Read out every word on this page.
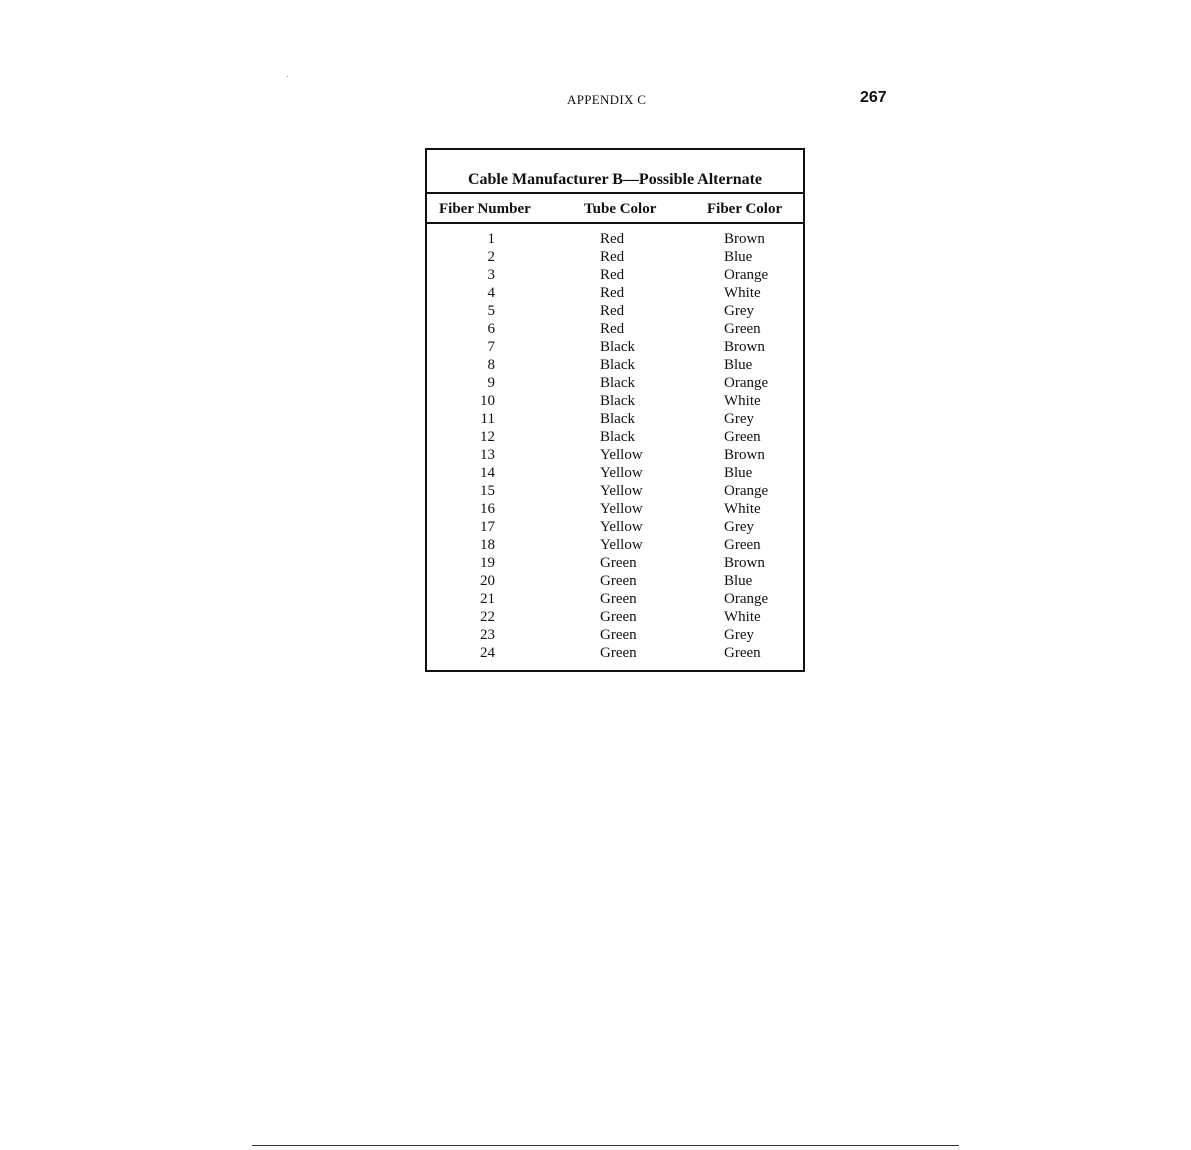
APPENDIX C	267
Cable Manufacturer B—Possible Alternate
Fiber Number	Tube Color	Fiber Color
1	Red	Brown
2	Red	Blue
3	Red	Orange
4	Red	White
5	Red	Grey
6	Red	Green
7	Black	Brown
8	Black	Blue
9	Black	Orange
10	Black	White
11	Black	Grey
12	Black	Green
13	Yellow	Brown
14	Yellow	Blue
15	Yellow	Orange
16	Yellow	White
17	Yellow	Grey
18	Yellow	Green
19	Green	Brown
20	Green	Blue
21	Green	Orange
22	Green	White
23	Green	Grey
24	Green	Green
